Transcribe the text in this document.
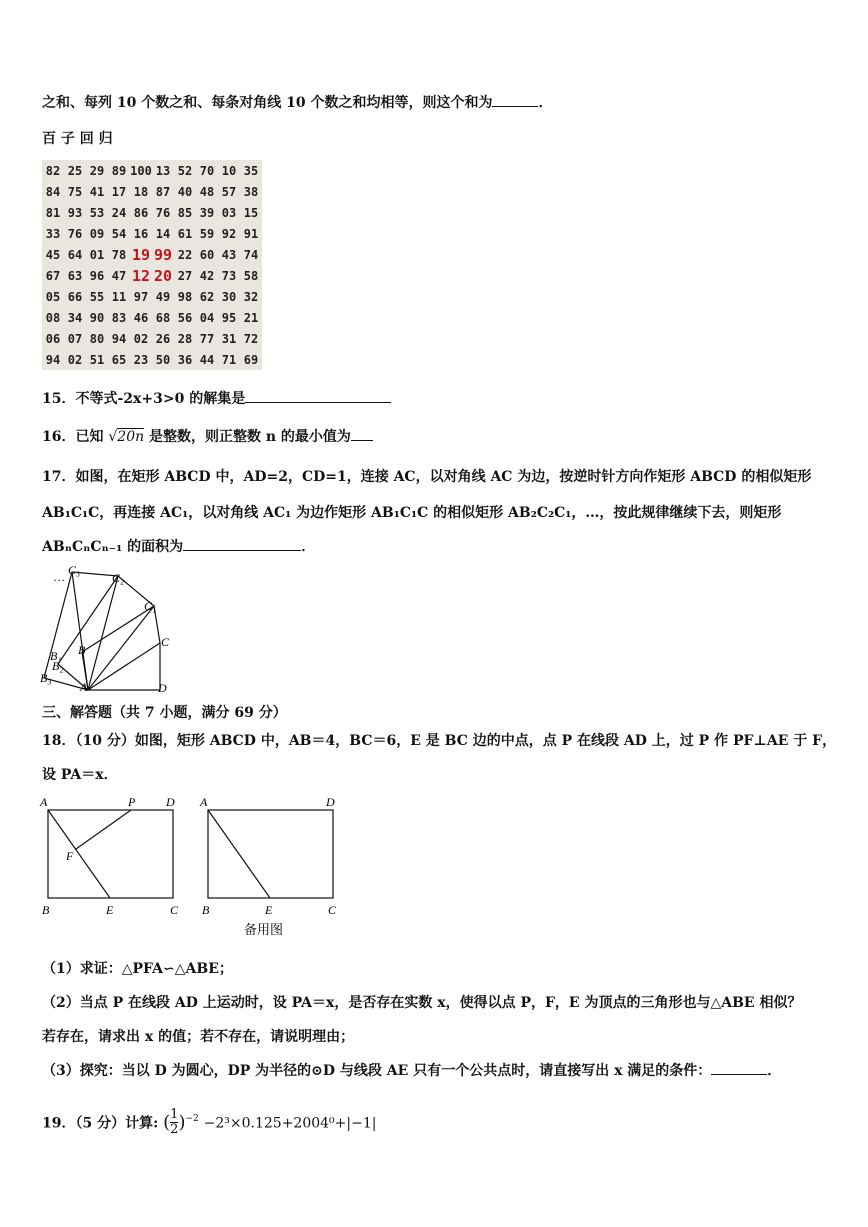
之和、每列 10 个数之和、每条对角线 10 个数之和均相等，则这个和为	．
百 子 回 归
82 25 29 89 100 13 52 70 10 35
84 75 41 17 18 87 40 48 57 38
81 93 53 24 86 76 85 39 03 15
33 76 09 54 16 14 61 59 92 91
45 64 01 78 19 99 22 60 43 74
67 63 96 47 12 20 27 42 73 58
05 66 55 11 97 49 98 62 30 32
08 34 90 83 46 68 56 04 95 21
06 07 80 94 02 26 28 77 31 72
94 02 51 65 23 50 36 44 71 69
15．不等式-2x+3>0 的解集是
16．已知 √20n 是整数，则正整数 n 的最小值为
17．如图，在矩形 ABCD 中，AD=2，CD=1，连接 AC，以对角线 AC 为边，按逆时针方向作矩形 ABCD 的相似矩形
AB₁C₁C，再连接 AC₁，以对角线 AC₁ 为边作矩形 AB₁C₁C 的相似矩形 AB₂C₂C₁，…，按此规律继续下去，则矩形
ABₙCₙCₙ₋₁ 的面积为	．
C₃
…	C₂
C₁
C
B
B₁
B₂
B₃
A	D
三、解答题（共 7 小题，满分 69 分）
18．（10 分）如图，矩形 ABCD 中，AB＝4，BC＝6，E 是 BC 边的中点，点 P 在线段 AD 上，过 P 作 PF⊥AE 于 F，
设 PA＝x．
A	P	D
F
B	E	C
A	D
B	E	C
备用图
（1）求证：△PFA∽△ABE；
（2）当点 P 在线段 AD 上运动时，设 PA＝x，是否存在实数 x，使得以点 P，F，E 为顶点的三角形也与△ABE 相似？
若存在，请求出 x 的值；若不存在，请说明理由；
（3）探究：当以 D 为圆心，DP 为半径的⊙D 与线段 AE 只有一个公共点时，请直接写出 x 满足的条件：	．
19．（5 分）计算: ( $\frac{1}{2} )^{-2} -2^3\times 0.125+2004^0+|-1|$
